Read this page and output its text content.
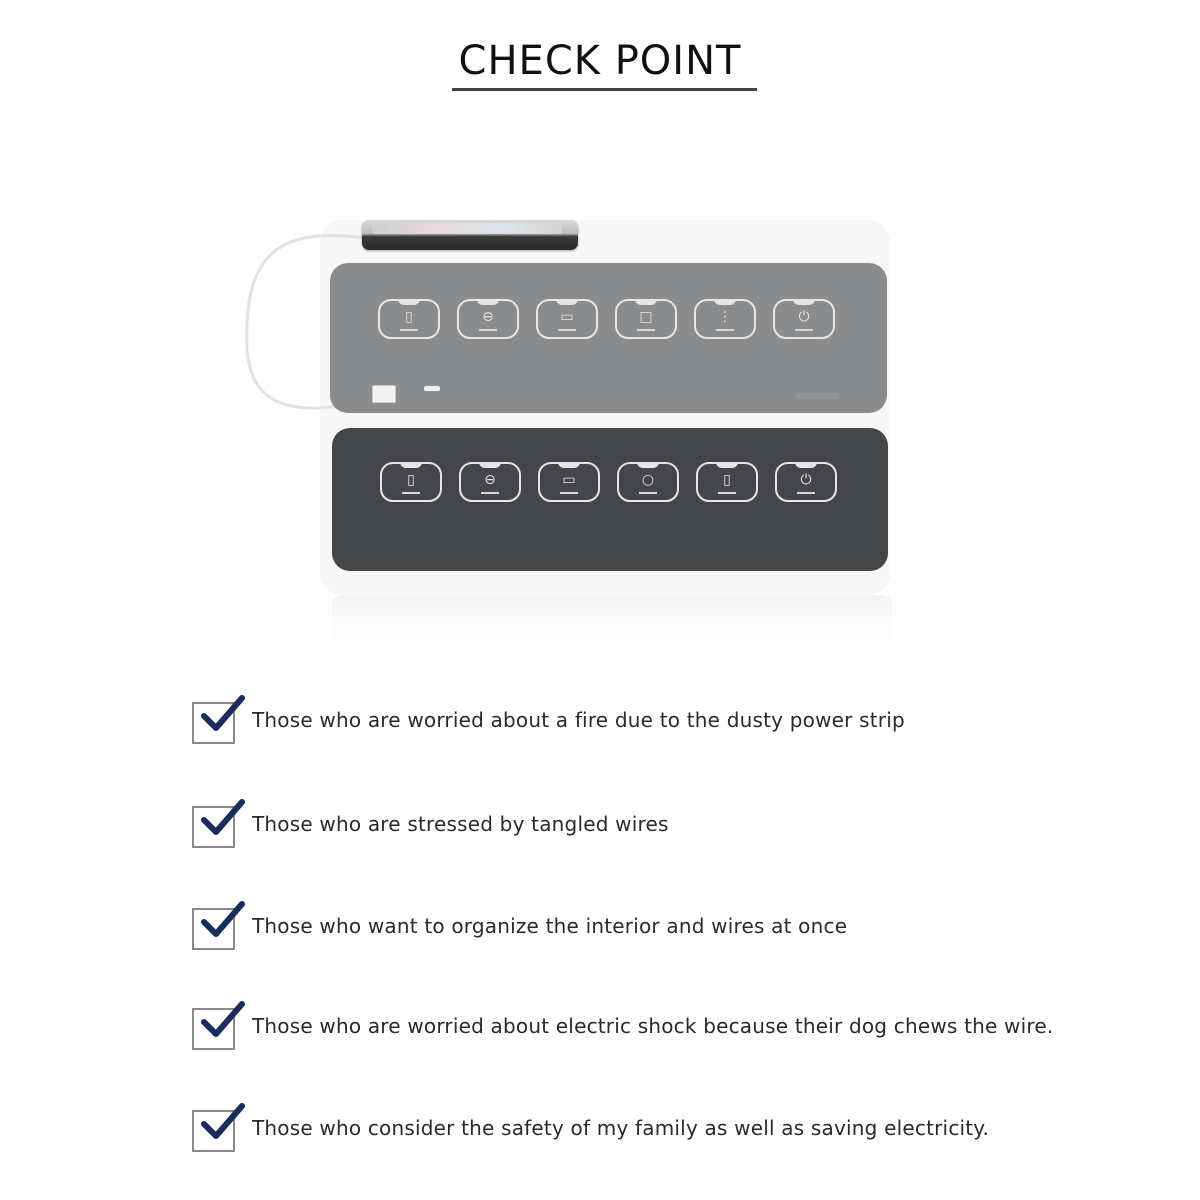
CHECK POINT
▯	⊖	▭	□	⋮	⏻
▯	⊖	▭	○	▯	⏻
Those who are worried about a fire due to the dusty power strip
Those who are stressed by tangled wires
Those who want to organize the interior and wires at once
Those who are worried about electric shock because their dog chews the wire.
Those who consider the safety of my family as well as saving electricity.
